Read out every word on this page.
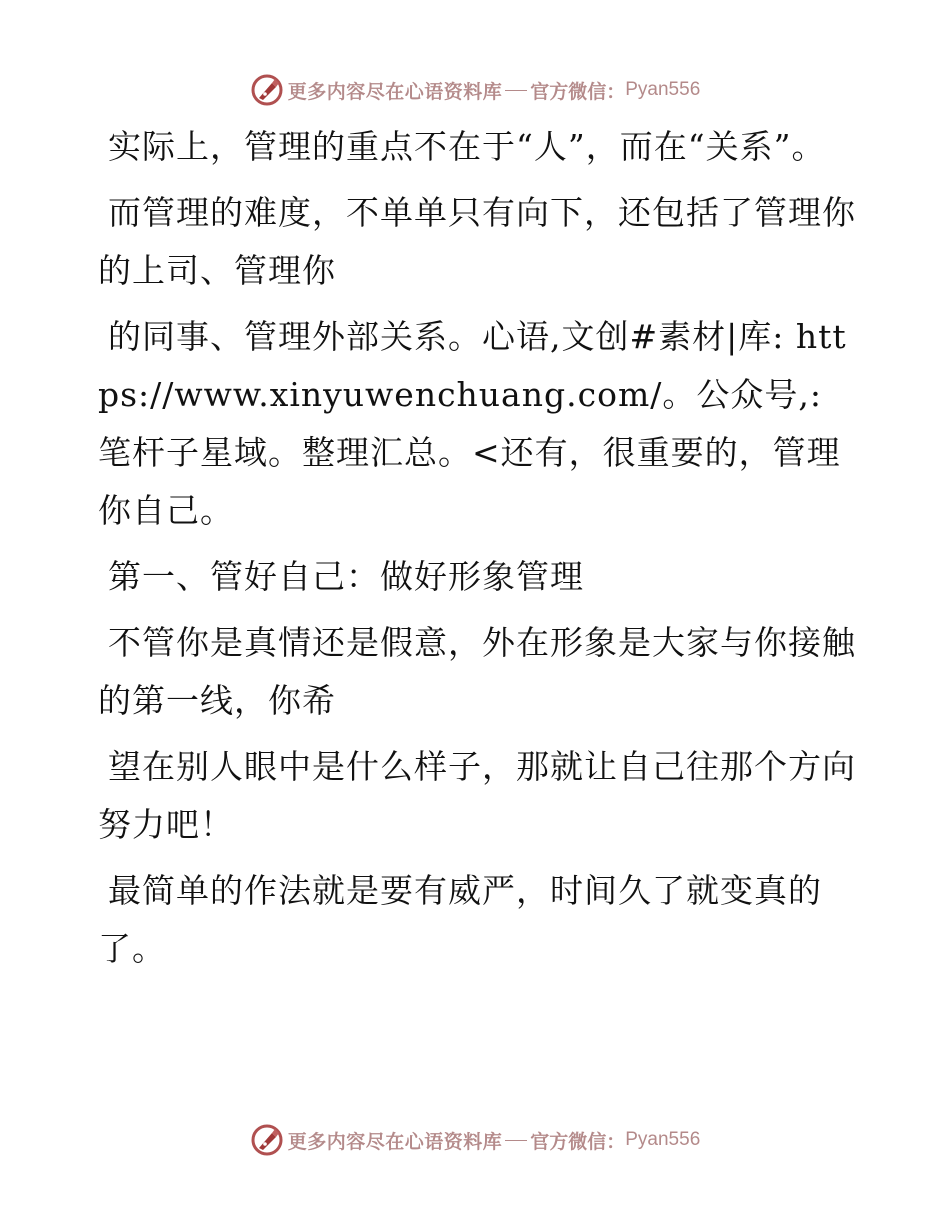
更多内容尽在心语资料库 官方微信： Pyan556

实际上，管理的重点不在于“人”，而在“关系”。

而管理的难度，不单单只有向下，还包括了管理你的上司、管理你

的同事、管理外部关系。心语,文创#素材|库: https://www.xinyuwenchuang.com/。公众号,: 笔杆子星域。整理汇总。<还有，很重要的，管理你自己。

第一、管好自己：做好形象管理

不管你是真情还是假意，外在形象是大家与你接触的第一线，你希

望在别人眼中是什么样子，那就让自己往那个方向努力吧！

最简单的作法就是要有威严，时间久了就变真的了。

更多内容尽在心语资料库 官方微信： Pyan556
